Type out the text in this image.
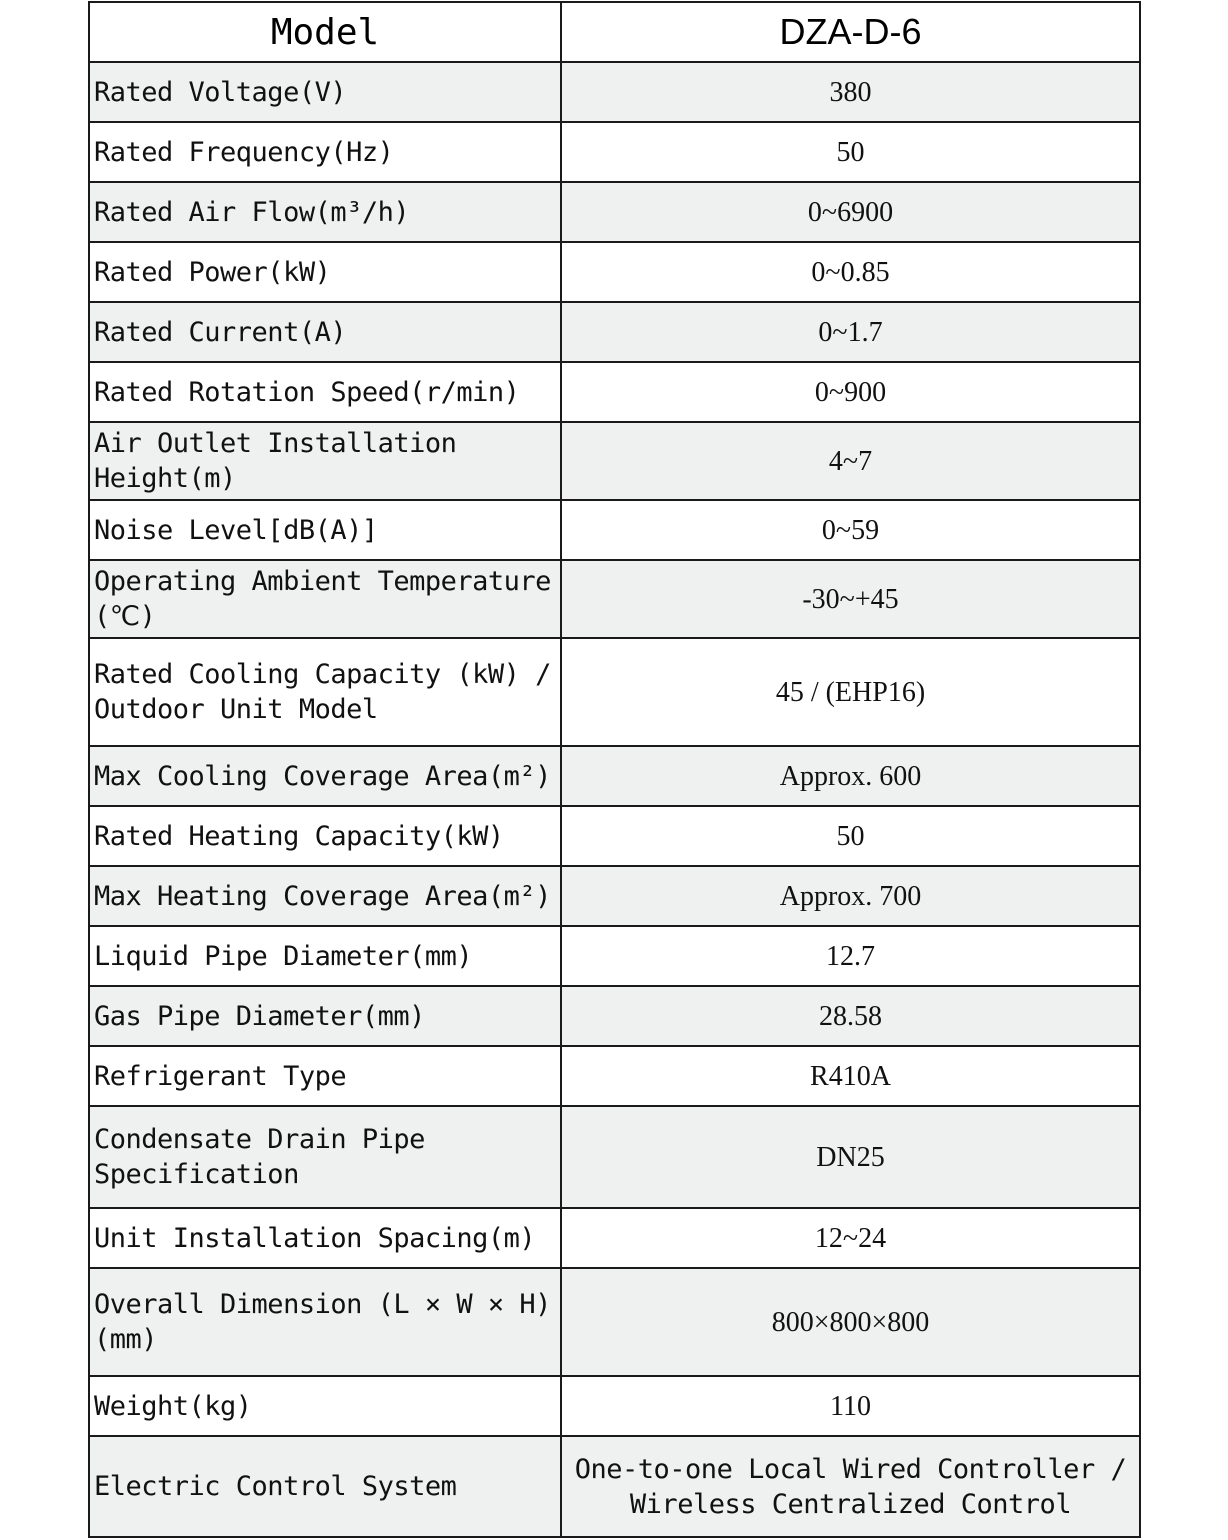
Model	DZA-D-6
Rated Voltage(V)	380
Rated Frequency(Hz)	50
Rated Air Flow(m³/h)	0~6900
Rated Power(kW)	0~0.85
Rated Current(A)	0~1.7
Rated Rotation Speed(r/min)	0~900
Air Outlet Installation Height(m)	4~7
Noise Level[dB(A)]	0~59
Operating Ambient Temperature (℃)	-30~+45
Rated Cooling Capacity (kW) / Outdoor Unit Model	45 / (EHP16)
Max Cooling Coverage Area(m²)	Approx. 600
Rated Heating Capacity(kW)	50
Max Heating Coverage Area(m²)	Approx. 700
Liquid Pipe Diameter(mm)	12.7
Gas Pipe Diameter(mm)	28.58
Refrigerant Type	R410A
Condensate Drain Pipe Specification	DN25
Unit Installation Spacing(m)	12~24
Overall Dimension (L × W × H)(mm)	800×800×800
Weight(kg)	110
Electric Control System	One-to-one Local Wired Controller / Wireless Centralized Control
